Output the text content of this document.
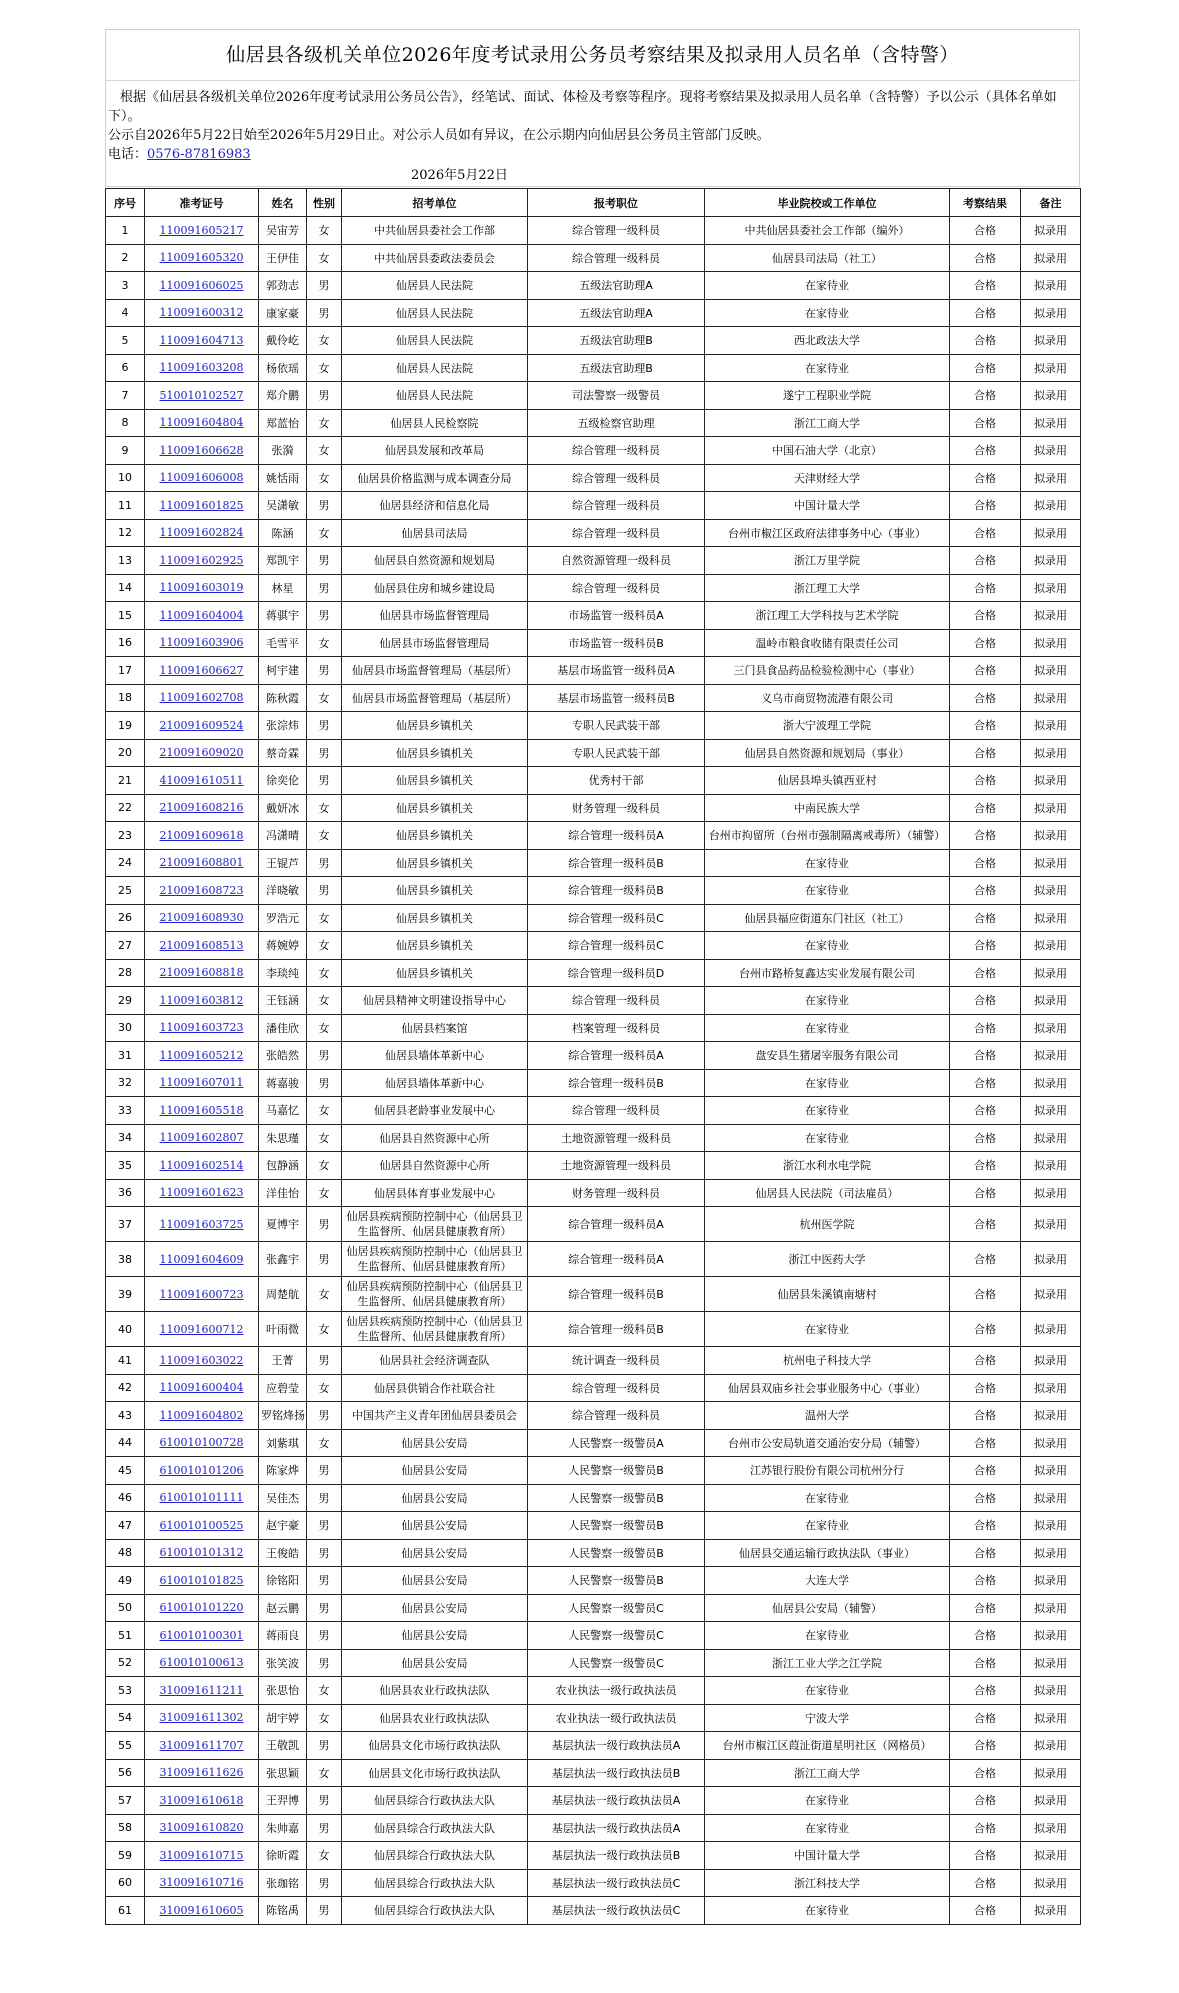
仙居县各级机关单位2026年度考试录用公务员考察结果及拟录用人员名单（含特警）

根据《仙居县各级机关单位2026年度考试录用公务员公告》，经笔试、面试、体检及考察等程序。现将考察结果及拟录用人员名单（含特警）予以公示（具体名单如下）。

公示自2026年5月22日始至2026年5月29日止。对公示人员如有异议，在公示期内向仙居县公务员主管部门反映。

电话：0576-87816983

2026年5月22日
序号	准考证号	姓名	性别	招考单位	报考职位	毕业院校或工作单位	考察结果	备注
1	110091605217	吴宙芳	女	中共仙居县委社会工作部	综合管理一级科员	中共仙居县委社会工作部（编外）	合格	拟录用
2	110091605320	王伊佳	女	中共仙居县委政法委员会	综合管理一级科员	仙居县司法局（社工）	合格	拟录用
3	110091606025	郭劲志	男	仙居县人民法院	五级法官助理A	在家待业	合格	拟录用
4	110091600312	康家豪	男	仙居县人民法院	五级法官助理A	在家待业	合格	拟录用
5	110091604713	戴伶屹	女	仙居县人民法院	五级法官助理B	西北政法大学	合格	拟录用
6	110091603208	杨依瑶	女	仙居县人民法院	五级法官助理B	在家待业	合格	拟录用
7	510010102527	郑介鹏	男	仙居县人民法院	司法警察一级警员	遂宁工程职业学院	合格	拟录用
8	110091604804	郑蓝怡	女	仙居县人民检察院	五级检察官助理	浙江工商大学	合格	拟录用
9	110091606628	张漪	女	仙居县发展和改革局	综合管理一级科员	中国石油大学（北京）	合格	拟录用
10	110091606008	姚恬雨	女	仙居县价格监测与成本调查分局	综合管理一级科员	天津财经大学	合格	拟录用
11	110091601825	吴潇敏	男	仙居县经济和信息化局	综合管理一级科员	中国计量大学	合格	拟录用
12	110091602824	陈涵	女	仙居县司法局	综合管理一级科员	台州市椒江区政府法律事务中心（事业）	合格	拟录用
13	110091602925	郑凯宇	男	仙居县自然资源和规划局	自然资源管理一级科员	浙江万里学院	合格	拟录用
14	110091603019	林星	男	仙居县住房和城乡建设局	综合管理一级科员	浙江理工大学	合格	拟录用
15	110091604004	蒋骐宇	男	仙居县市场监督管理局	市场监管一级科员A	浙江理工大学科技与艺术学院	合格	拟录用
16	110091603906	毛雪平	女	仙居县市场监督管理局	市场监管一级科员B	温岭市粮食收储有限责任公司	合格	拟录用
17	110091606627	柯宇建	男	仙居县市场监督管理局（基层所）	基层市场监管一级科员A	三门县食品药品检验检测中心（事业）	合格	拟录用
18	110091602708	陈秋霞	女	仙居县市场监督管理局（基层所）	基层市场监管一级科员B	义乌市商贸物流港有限公司	合格	拟录用
19	210091609524	张淙炜	男	仙居县乡镇机关	专职人民武装干部	浙大宁波理工学院	合格	拟录用
20	210091609020	蔡奇霖	男	仙居县乡镇机关	专职人民武装干部	仙居县自然资源和规划局（事业）	合格	拟录用
21	410091610511	徐奕伦	男	仙居县乡镇机关	优秀村干部	仙居县埠头镇西亚村	合格	拟录用
22	210091608216	戴妍冰	女	仙居县乡镇机关	财务管理一级科员	中南民族大学	合格	拟录用
23	210091609618	冯潇晴	女	仙居县乡镇机关	综合管理一级科员A	台州市拘留所（台州市强制隔离戒毒所）（辅警）	合格	拟录用
24	210091608801	王锟芦	男	仙居县乡镇机关	综合管理一级科员B	在家待业	合格	拟录用
25	210091608723	洋晓敏	男	仙居县乡镇机关	综合管理一级科员B	在家待业	合格	拟录用
26	210091608930	罗浩元	女	仙居县乡镇机关	综合管理一级科员C	仙居县福应街道东门社区（社工）	合格	拟录用
27	210091608513	蒋婉婷	女	仙居县乡镇机关	综合管理一级科员C	在家待业	合格	拟录用
28	210091608818	李琰纯	女	仙居县乡镇机关	综合管理一级科员D	台州市路桥复鑫达实业发展有限公司	合格	拟录用
29	110091603812	王钰涵	女	仙居县精神文明建设指导中心	综合管理一级科员	在家待业	合格	拟录用
30	110091603723	潘佳欣	女	仙居县档案馆	档案管理一级科员	在家待业	合格	拟录用
31	110091605212	张皓然	男	仙居县墙体革新中心	综合管理一级科员A	盘安县生猪屠宰服务有限公司	合格	拟录用
32	110091607011	蒋嘉骏	男	仙居县墙体革新中心	综合管理一级科员B	在家待业	合格	拟录用
33	110091605518	马嘉忆	女	仙居县老龄事业发展中心	综合管理一级科员	在家待业	合格	拟录用
34	110091602807	朱思瑾	女	仙居县自然资源中心所	土地资源管理一级科员	在家待业	合格	拟录用
35	110091602514	包静涵	女	仙居县自然资源中心所	土地资源管理一级科员	浙江水利水电学院	合格	拟录用
36	110091601623	洋佳怡	女	仙居县体育事业发展中心	财务管理一级科员	仙居县人民法院（司法雇员）	合格	拟录用
37	110091603725	夏博宇	男	仙居县疾病预防控制中心（仙居县卫生监督所、仙居县健康教育所）	综合管理一级科员A	杭州医学院	合格	拟录用
38	110091604609	张鑫宇	男	仙居县疾病预防控制中心（仙居县卫生监督所、仙居县健康教育所）	综合管理一级科员A	浙江中医药大学	合格	拟录用
39	110091600723	周楚航	女	仙居县疾病预防控制中心（仙居县卫生监督所、仙居县健康教育所）	综合管理一级科员B	仙居县朱溪镇南塘村	合格	拟录用
40	110091600712	叶雨微	女	仙居县疾病预防控制中心（仙居县卫生监督所、仙居县健康教育所）	综合管理一级科员B	在家待业	合格	拟录用
41	110091603022	王菁	男	仙居县社会经济调查队	统计调查一级科员	杭州电子科技大学	合格	拟录用
42	110091600404	应碧莹	女	仙居县供销合作社联合社	综合管理一级科员	仙居县双庙乡社会事业服务中心（事业）	合格	拟录用
43	110091604802	罗铭烽扬	男	中国共产主义青年团仙居县委员会	综合管理一级科员	温州大学	合格	拟录用
44	610010100728	刘紫琪	女	仙居县公安局	人民警察一级警员A	台州市公安局轨道交通治安分局（辅警）	合格	拟录用
45	610010101206	陈家烨	男	仙居县公安局	人民警察一级警员B	江苏银行股份有限公司杭州分行	合格	拟录用
46	610010101111	吴佳杰	男	仙居县公安局	人民警察一级警员B	在家待业	合格	拟录用
47	610010100525	赵宇豪	男	仙居县公安局	人民警察一级警员B	在家待业	合格	拟录用
48	610010101312	王俊皓	男	仙居县公安局	人民警察一级警员B	仙居县交通运输行政执法队（事业）	合格	拟录用
49	610010101825	徐铭阳	男	仙居县公安局	人民警察一级警员B	大连大学	合格	拟录用
50	610010101220	赵云鹏	男	仙居县公安局	人民警察一级警员C	仙居县公安局（辅警）	合格	拟录用
51	610010100301	蒋雨良	男	仙居县公安局	人民警察一级警员C	在家待业	合格	拟录用
52	610010100613	张笑波	男	仙居县公安局	人民警察一级警员C	浙江工业大学之江学院	合格	拟录用
53	310091611211	张思怡	女	仙居县农业行政执法队	农业执法一级行政执法员	在家待业	合格	拟录用
54	310091611302	胡宇婷	女	仙居县农业行政执法队	农业执法一级行政执法员	宁波大学	合格	拟录用
55	310091611707	王敬凯	男	仙居县文化市场行政执法队	基层执法一级行政执法员A	台州市椒江区葭沚街道星明社区（网格员）	合格	拟录用
56	310091611626	张思颖	女	仙居县文化市场行政执法队	基层执法一级行政执法员B	浙江工商大学	合格	拟录用
57	310091610618	王羿博	男	仙居县综合行政执法大队	基层执法一级行政执法员A	在家待业	合格	拟录用
58	310091610820	朱帅嘉	男	仙居县综合行政执法大队	基层执法一级行政执法员A	在家待业	合格	拟录用
59	310091610715	徐昕霞	女	仙居县综合行政执法大队	基层执法一级行政执法员B	中国计量大学	合格	拟录用
60	310091610716	张珈铭	男	仙居县综合行政执法大队	基层执法一级行政执法员C	浙江科技大学	合格	拟录用
61	310091610605	陈铭禹	男	仙居县综合行政执法大队	基层执法一级行政执法员C	在家待业	合格	拟录用
